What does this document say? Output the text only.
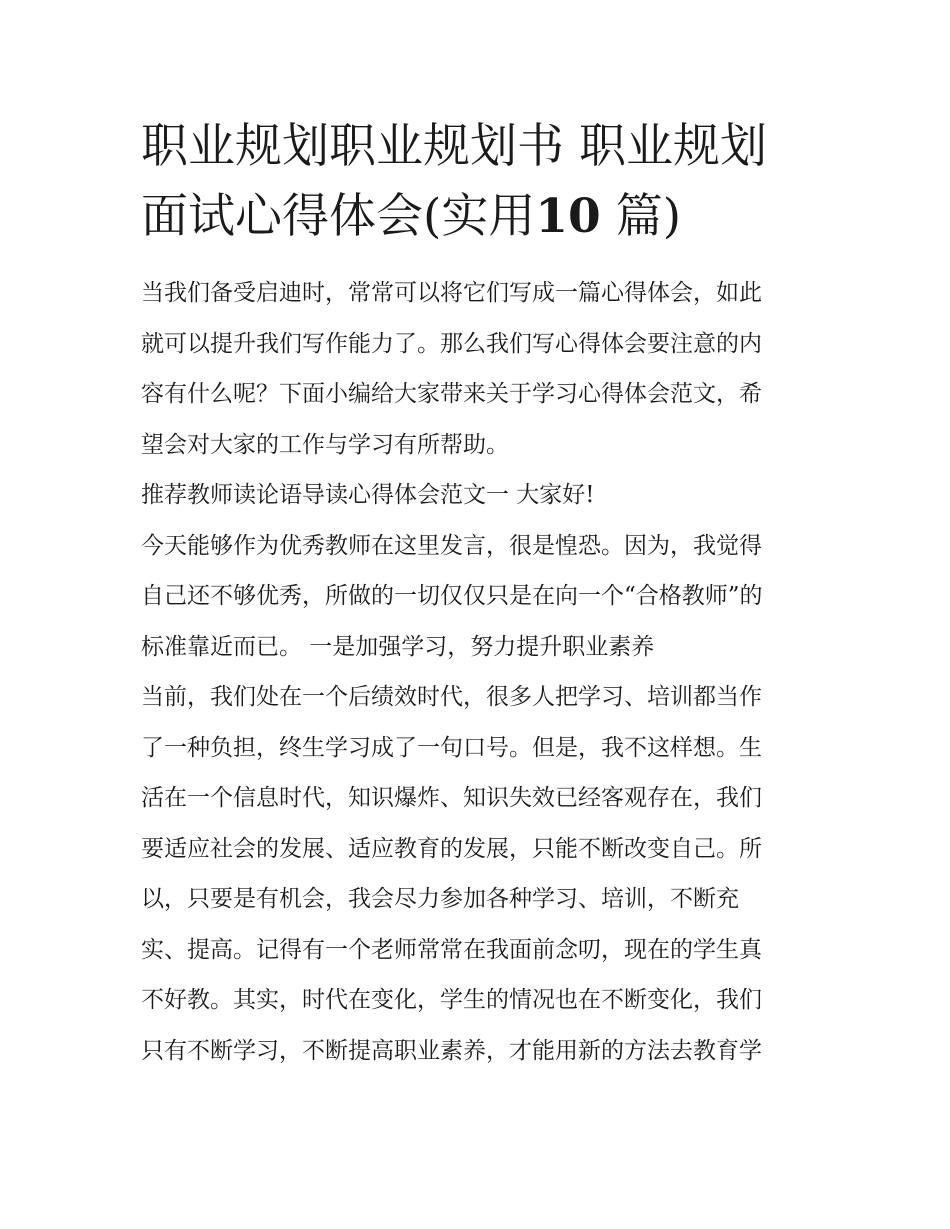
职业规划职业规划书 职业规划
面试心得体会(实用10 篇)
当我们备受启迪时，常常可以将它们写成一篇心得体会，如此
就可以提升我们写作能力了。那么我们写心得体会要注意的内
容有什么呢？下面小编给大家带来关于学习心得体会范文，希
望会对大家的工作与学习有所帮助。
推荐教师读论语导读心得体会范文一 大家好!
今天能够作为优秀教师在这里发言，很是惶恐。因为，我觉得
自己还不够优秀，所做的一切仅仅只是在向一个“合格教师”的
标准靠近而已。 一是加强学习，努力提升职业素养
当前，我们处在一个后绩效时代，很多人把学习、培训都当作
了一种负担，终生学习成了一句口号。但是，我不这样想。生
活在一个信息时代，知识爆炸、知识失效已经客观存在，我们
要适应社会的发展、适应教育的发展，只能不断改变自己。所
以，只要是有机会，我会尽力参加各种学习、培训，不断充
实、提高。记得有一个老师常常在我面前念叨，现在的学生真
不好教。其实，时代在变化，学生的情况也在不断变化，我们
只有不断学习，不断提高职业素养，才能用新的方法去教育学
